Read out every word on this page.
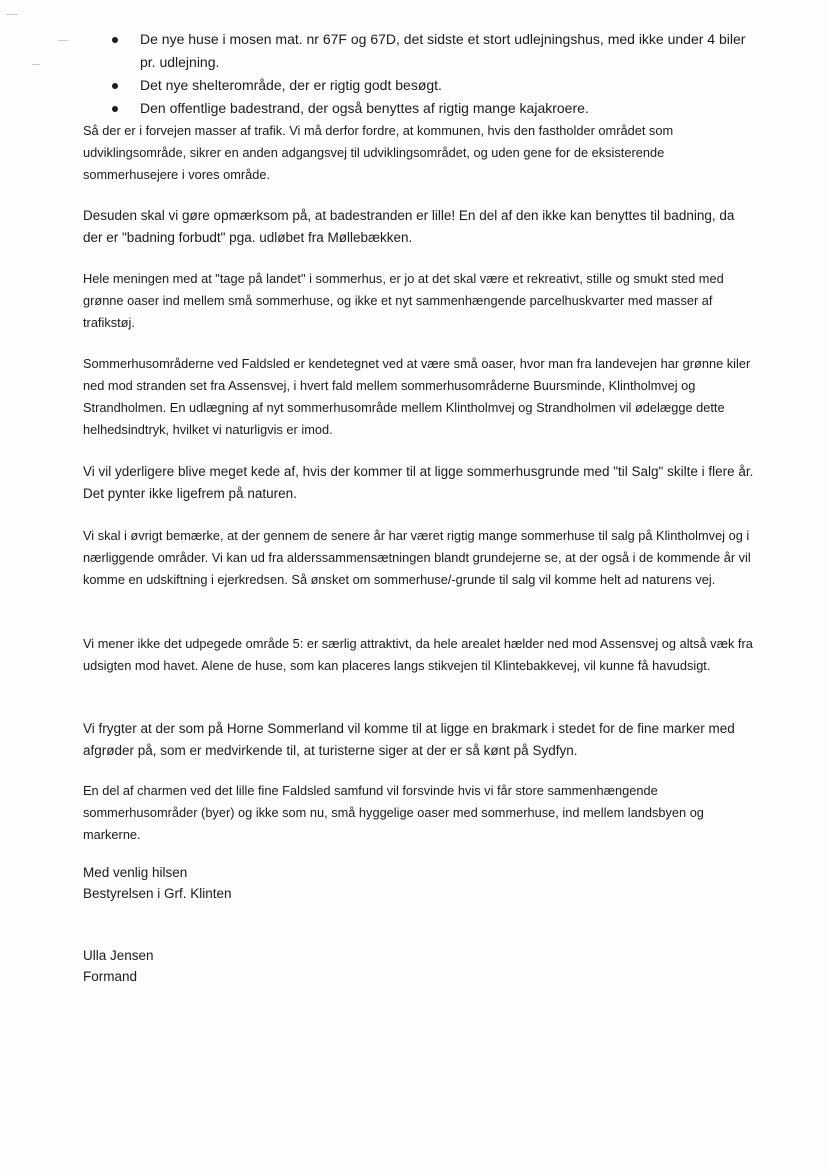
De nye huse i mosen mat. nr 67F og 67D, det sidste et stort udlejningshus, med ikke under 4 biler pr. udlejning.
Det nye shelterområde, der er rigtig godt besøgt.
Den offentlige badestrand, der også benyttes af rigtig mange kajakroere.

Så der er i forvejen masser af trafik. Vi må derfor fordre, at kommunen, hvis den fastholder området som udviklingsområde, sikrer en anden adgangsvej til udviklingsområdet, og uden gene for de eksisterende sommerhusejere i vores område.

Desuden skal vi gøre opmærksom på, at badestranden er lille! En del af den ikke kan benyttes til badning, da der er "badning forbudt" pga. udløbet fra Møllebækken.

Hele meningen med at "tage på landet" i sommerhus, er jo at det skal være et rekreativt, stille og smukt sted med grønne oaser ind mellem små sommerhuse, og ikke et nyt sammenhængende parcelhuskvarter med masser af trafikstøj.

Sommerhusområderne ved Faldsled er kendetegnet ved at være små oaser, hvor man fra landevejen har grønne kiler ned mod stranden set fra Assensvej, i hvert fald mellem sommerhusområderne Buursminde, Klintholmvej og Strandholmen. En udlægning af nyt sommerhusområde mellem Klintholmvej og Strandholmen vil ødelægge dette helhedsindtryk, hvilket vi naturligvis er imod.

Vi vil yderligere blive meget kede af, hvis der kommer til at ligge sommerhusgrunde med "til Salg" skilte i flere år. Det pynter ikke ligefrem på naturen.

Vi skal i øvrigt bemærke, at der gennem de senere år har været rigtig mange sommerhuse til salg på Klintholmvej og i nærliggende områder. Vi kan ud fra alderssammensætningen blandt grundejerne se, at der også i de kommende år vil komme en udskiftning i ejerkredsen. Så ønsket om sommerhuse/-grunde til salg vil komme helt ad naturens vej.

Vi mener ikke det udpegede område 5: er særlig attraktivt, da hele arealet hælder ned mod Assensvej og altså væk fra udsigten mod havet. Alene de huse, som kan placeres langs stikvejen til Klintebakkevej, vil kunne få havudsigt.

Vi frygter at der som på Horne Sommerland vil komme til at ligge en brakmark i stedet for de fine marker med afgrøder på, som er medvirkende til, at turisterne siger at der er så kønt på Sydfyn.

En del af charmen ved det lille fine Faldsled samfund vil forsvinde hvis vi får store sammenhængende sommerhusområder (byer) og ikke som nu, små hyggelige oaser med sommerhuse, ind mellem landsbyen og markerne.

Med venlig hilsen

Bestyrelsen i Grf. Klinten

Ulla Jensen

Formand
